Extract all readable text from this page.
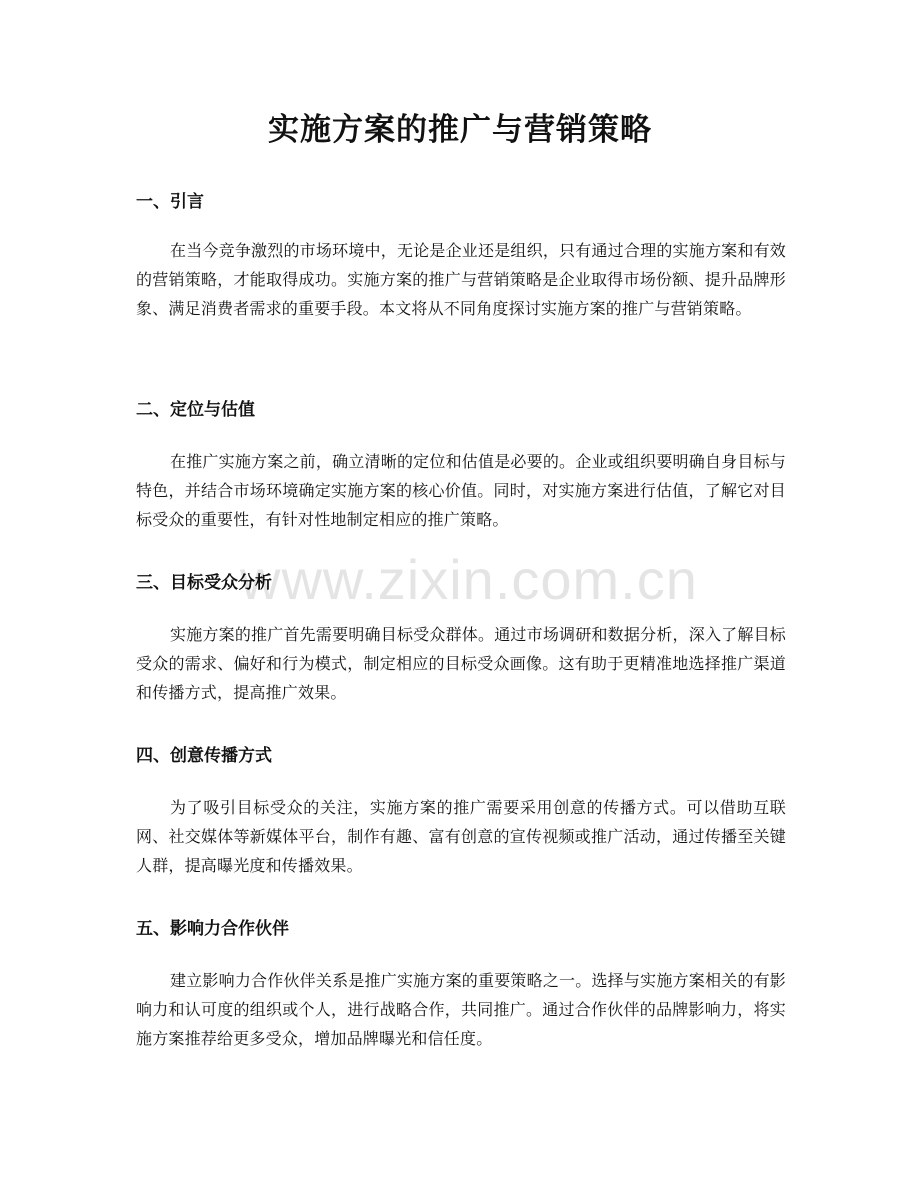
实施方案的推广与营销策略
一、引言
在当今竞争激烈的市场环境中，无论是企业还是组织，只有通过合理的实施方案和有效的营销策略，才能取得成功。实施方案的推广与营销策略是企业取得市场份额、提升品牌形象、满足消费者需求的重要手段。本文将从不同角度探讨实施方案的推广与营销策略。
二、定位与估值
在推广实施方案之前，确立清晰的定位和估值是必要的。企业或组织要明确自身目标与特色，并结合市场环境确定实施方案的核心价值。同时，对实施方案进行估值，了解它对目标受众的重要性，有针对性地制定相应的推广策略。
三、目标受众分析
实施方案的推广首先需要明确目标受众群体。通过市场调研和数据分析，深入了解目标受众的需求、偏好和行为模式，制定相应的目标受众画像。这有助于更精准地选择推广渠道和传播方式，提高推广效果。
四、创意传播方式
为了吸引目标受众的关注，实施方案的推广需要采用创意的传播方式。可以借助互联网、社交媒体等新媒体平台，制作有趣、富有创意的宣传视频或推广活动，通过传播至关键人群，提高曝光度和传播效果。
五、影响力合作伙伴
建立影响力合作伙伴关系是推广实施方案的重要策略之一。选择与实施方案相关的有影响力和认可度的组织或个人，进行战略合作，共同推广。通过合作伙伴的品牌影响力，将实施方案推荐给更多受众，增加品牌曝光和信任度。
www.zixin.com.cn
